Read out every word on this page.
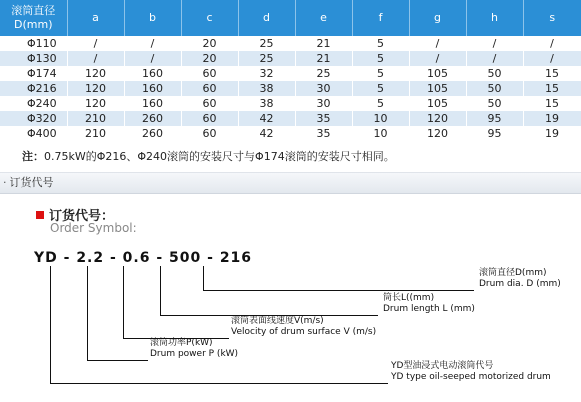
滚筒直径
D(mm)	a	b	c	d	e	f	g	h	s
Φ110	/	/	20	25	21	5	/	/	/
Φ130	/	/	20	25	21	5	/	/	/
Φ174	120	160	60	32	25	5	105	50	15
Φ216	120	160	60	38	30	5	105	50	15
Φ240	120	160	60	38	30	5	105	50	15
Φ320	210	260	60	42	35	10	120	95	19
Φ400	210	260	60	42	35	10	120	95	19
注：0.75kW的Φ216、Φ240滚筒的安装尺寸与Φ174滚筒的安装尺寸相同。
· 订货代号
订货代号：
Order Symbol:
YD - 2.2 - 0.6 - 500 - 216
滚筒直径D(mm)
Drum dia. D (mm)
筒长L((mm)
Drum length L (mm)
滚筒表面线速度V(m/s)
Velocity of drum surface V (m/s)
滚筒功率P(kW)
Drum power P (kW)
YD型油浸式电动滚筒代号
YD type oil-seeped motorized drum
